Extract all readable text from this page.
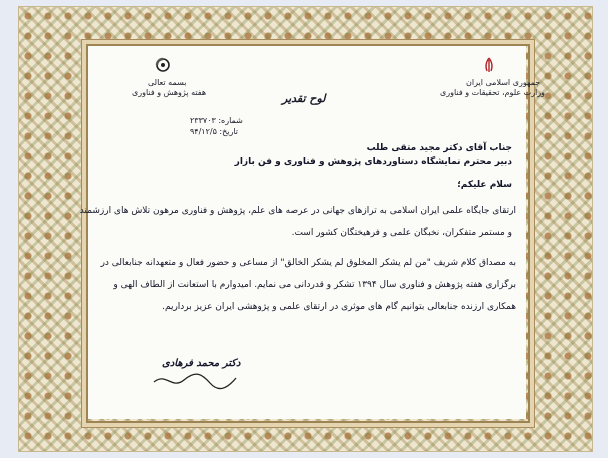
بسمه تعالی
هفته پژوهش و فناوری
جمهوری اسلامی ایران
وزارت علوم، تحقیقات و فناوری
لوح تقدیر
شماره: ۲۳۳۷۰۳
تاریخ: ۹۴/۱۲/۵
جناب آقای دکتر مجید متقی طلب
دبیر محترم نمایشگاه دستاوردهای پژوهش و فناوری و فن بازار
سلام علیکم؛
ارتقای جایگاه علمی ایران اسلامی به ترازهای جهانی در عرصه های علم، پژوهش و فناوری مرهون تلاش های ارزشمند
و مستمر متفکران، نخبگان علمی و فرهیختگان کشور است.
به مصداق کلام شریف "من لم یشکر المخلوق لم یشکر الخالق" از مساعی و حضور فعال و متعهدانه جنابعالی در
برگزاری هفته پژوهش و فناوری سال ۱۳۹۴ تشکر و قدردانی می نمایم. امیدوارم با استعانت از الطاف الهی و
همکاری ارزنده جنابعالی بتوانیم گام های موثری در ارتقای علمی و پژوهشی ایران عزیز برداریم.
دکتر محمد فرهادی
